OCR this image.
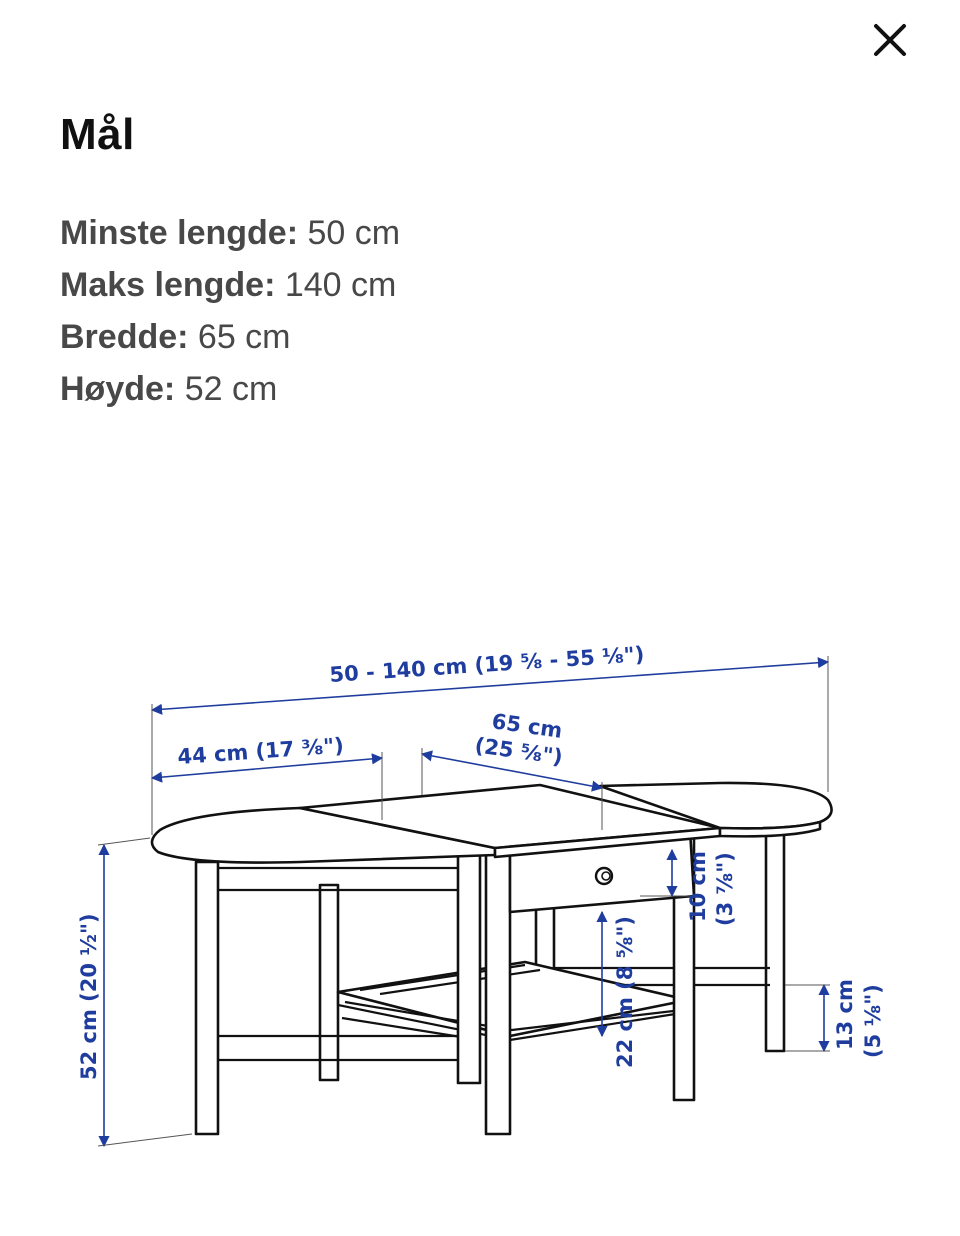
Mål
Minste lengde: 50 cm
Maks lengde: 140 cm
Bredde: 65 cm
Høyde: 52 cm
50 - 140 cm (19 ⅝ - 55 ⅛")
44 cm (17 ⅜")
65 cm
(25 ⅝")
10 cm (3 ⅞")
22 cm (8 ⅝")	13 cm (5 ⅛")
52 cm (20 ½")
